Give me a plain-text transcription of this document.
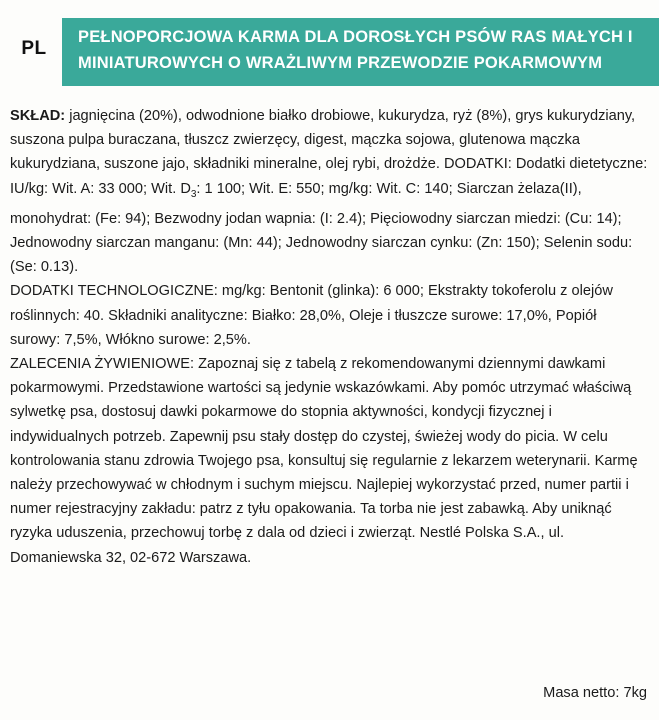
PL
PEŁNOPORCJOWA KARMA DLA DOROSŁYCH PSÓW RAS MAŁYCH I MINIATUROWYCH O WRAŻLIWYM PRZEWODZIE POKARMOWYM

SKŁAD: jagnięcina (20%), odwodnione białko drobiowe, kukurydza, ryż (8%), grys kukurydziany, suszona pulpa buraczana, tłuszcz zwierzęcy, digest, mączka sojowa, glutenowa mączka kukurydziana, suszone jajo, składniki mineralne, olej rybi, drożdże. DODATKI: Dodatki dietetyczne: IU/kg: Wit. A: 33 000; Wit. $D_3$: 1 100; Wit. E: 550; mg/kg: Wit. C: 140; Siarczan żelaza(II), monohydrat: (Fe: 94); Bezwodny jodan wapnia: (I: 2.4); Pięciowodny siarczan miedzi: (Cu: 14); Jednowodny siarczan manganu: (Mn: 44); Jednowodny siarczan cynku: (Zn: 150); Selenin sodu: (Se: 0.13).

DODATKI TECHNOLOGICZNE: mg/kg: Bentonit (glinka): 6 000; Ekstrakty tokoferolu z olejów roślinnych: 40. Składniki analityczne: Białko: 28,0%, Oleje i tłuszcze surowe: 17,0%, Popiół surowy: 7,5%, Włókno surowe: 2,5%.

ZALECENIA ŻYWIENIOWE: Zapoznaj się z tabelą z rekomendowanymi dziennymi dawkami pokarmowymi. Przedstawione wartości są jedynie wskazówkami. Aby pomóc utrzymać właściwą sylwetkę psa, dostosuj dawki pokarmowe do stopnia aktywności, kondycji fizycznej i indywidualnych potrzeb. Zapewnij psu stały dostęp do czystej, świeżej wody do picia. W celu kontrolowania stanu zdrowia Twojego psa, konsultuj się regularnie z lekarzem weterynarii. Karmę należy przechowywać w chłodnym i suchym miejscu. Najlepiej wykorzystać przed, numer partii i numer rejestracyjny zakładu: patrz z tyłu opakowania. Ta torba nie jest zabawką. Aby uniknąć ryzyka uduszenia, przechowuj torbę z dala od dzieci i zwierząt. Nestlé Polska S.A., ul. Domaniewska 32, 02-672 Warszawa.

Masa netto: 7kg
